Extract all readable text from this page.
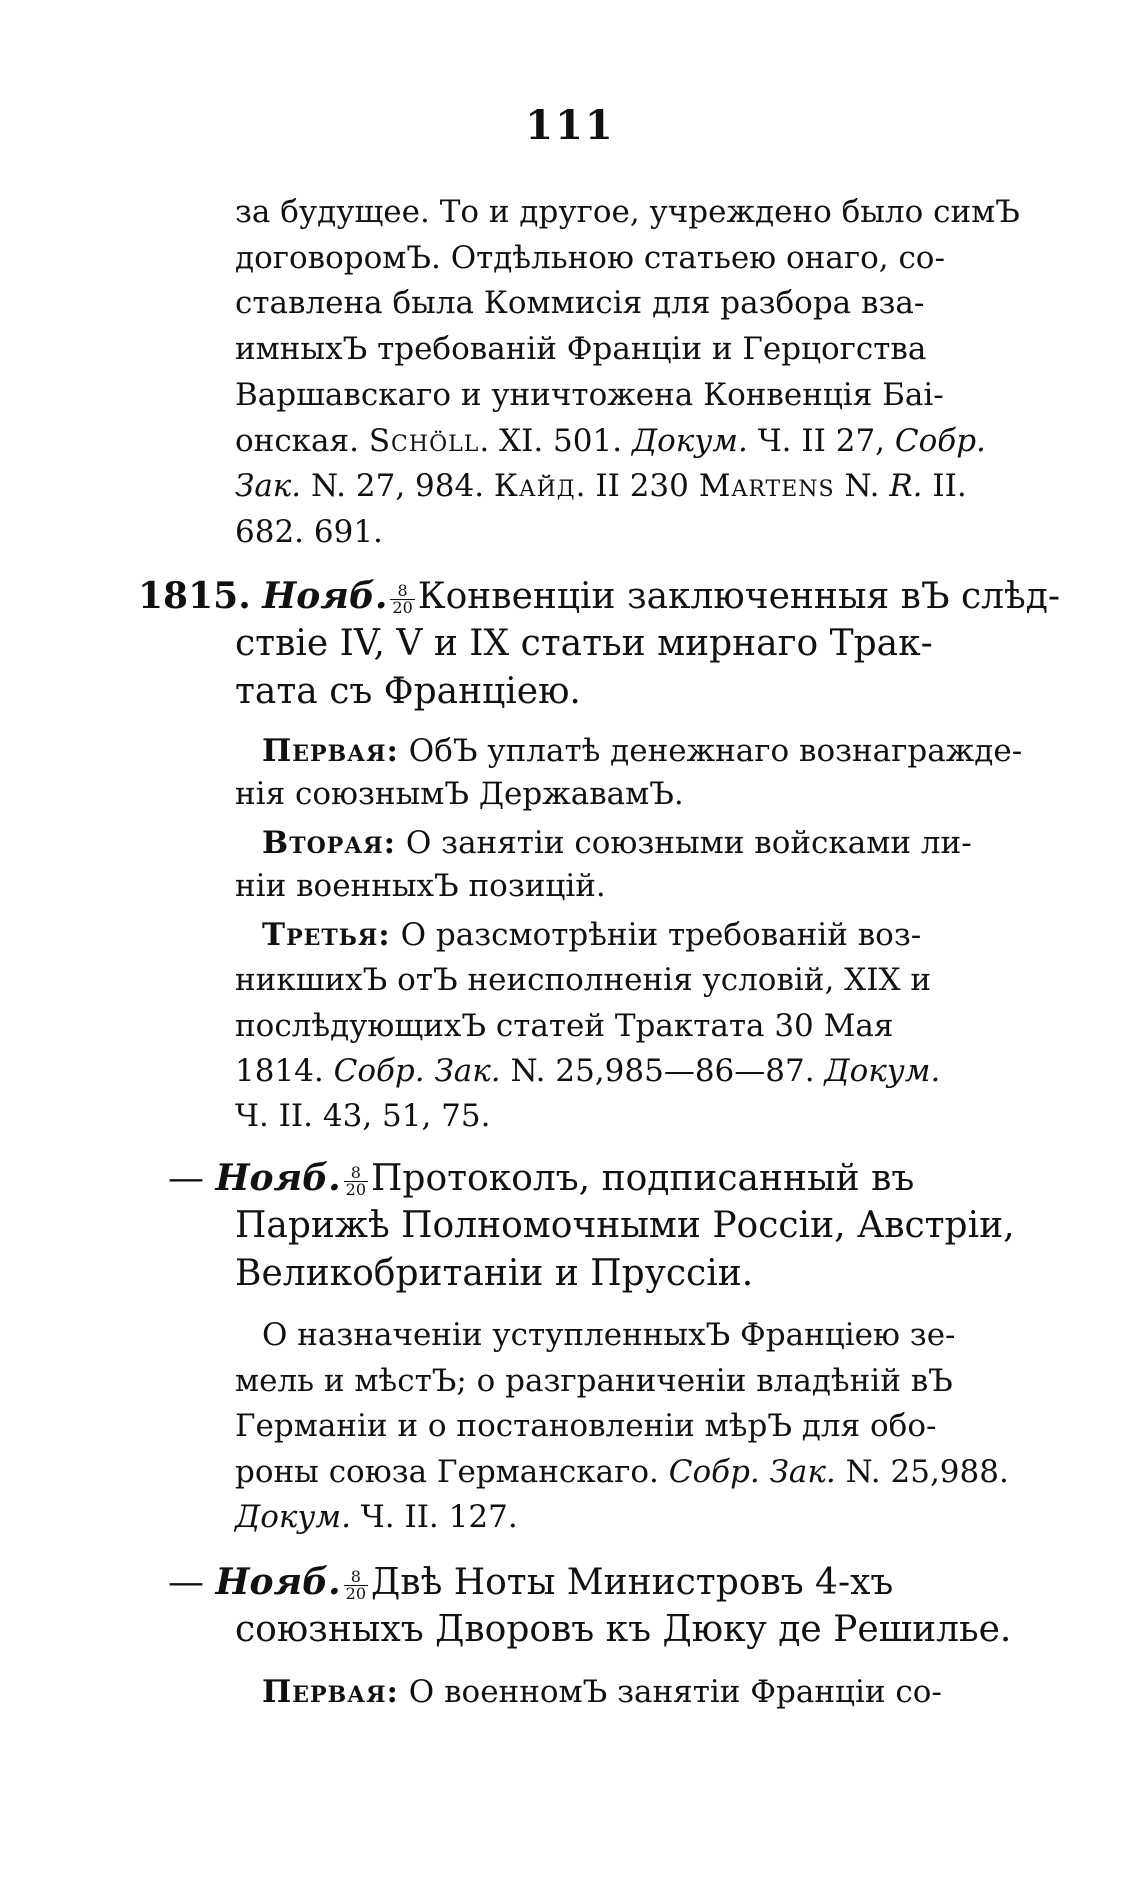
111
за будущее. То и другое, учреждено было симЪ
договоромЪ. Отдѣльною статьею онаго, со-
ставлена была Коммисія для разбора вза-
имныхЪ требованій Франціи и Герцогства
Варшавскаго и уничтожена Конвенція Баі-
онская. Schöll. XI. 501. Докум. Ч. II 27, Собр.
Зак. N. 27, 984. Кайд. II 230 Martens N. R. II.
682. 691.
1815. Нояб. $\frac{8}{20}$ Конвенціи заключенныя вЪ слѣд-
ствіе IV, V и IX статьи мирнаго Трак-
тата съ Франціею.
Первая: ОбЪ уплатѣ денежнаго вознагражде-
нія союзнымЪ ДержавамЪ.
Вторая: О занятіи союзными войсками ли-
ніи военныхЪ позицій.
Третья: О разсмотрѣніи требованій воз-
никшихЪ отЪ неисполненія условій, XIX и
послѣдующихЪ статей Трактата 30 Мая
1814. Собр. Зак. N. 25,985—86—87. Докум.
Ч. II. 43, 51, 75.
— Нояб. $\frac{8}{20}$ Протоколъ, подписанный въ
Парижѣ Полномочными Россіи, Австріи,
Великобританіи и Пруссіи.
О назначеніи уступленныхЪ Франціею зе-
мель и мѣстЪ; о разграниченіи владѣній вЪ
Германіи и о постановленіи мѣрЪ для обо-
роны союза Германскаго. Собр. Зак. N. 25,988.
Докум. Ч. II. 127.
— Нояб. $\frac{8}{20}$ Двѣ Ноты Министровъ 4-хъ
союзныхъ Дворовъ къ Дюку де Решилье.
Первая: О военномЪ занятіи Франціи со-
